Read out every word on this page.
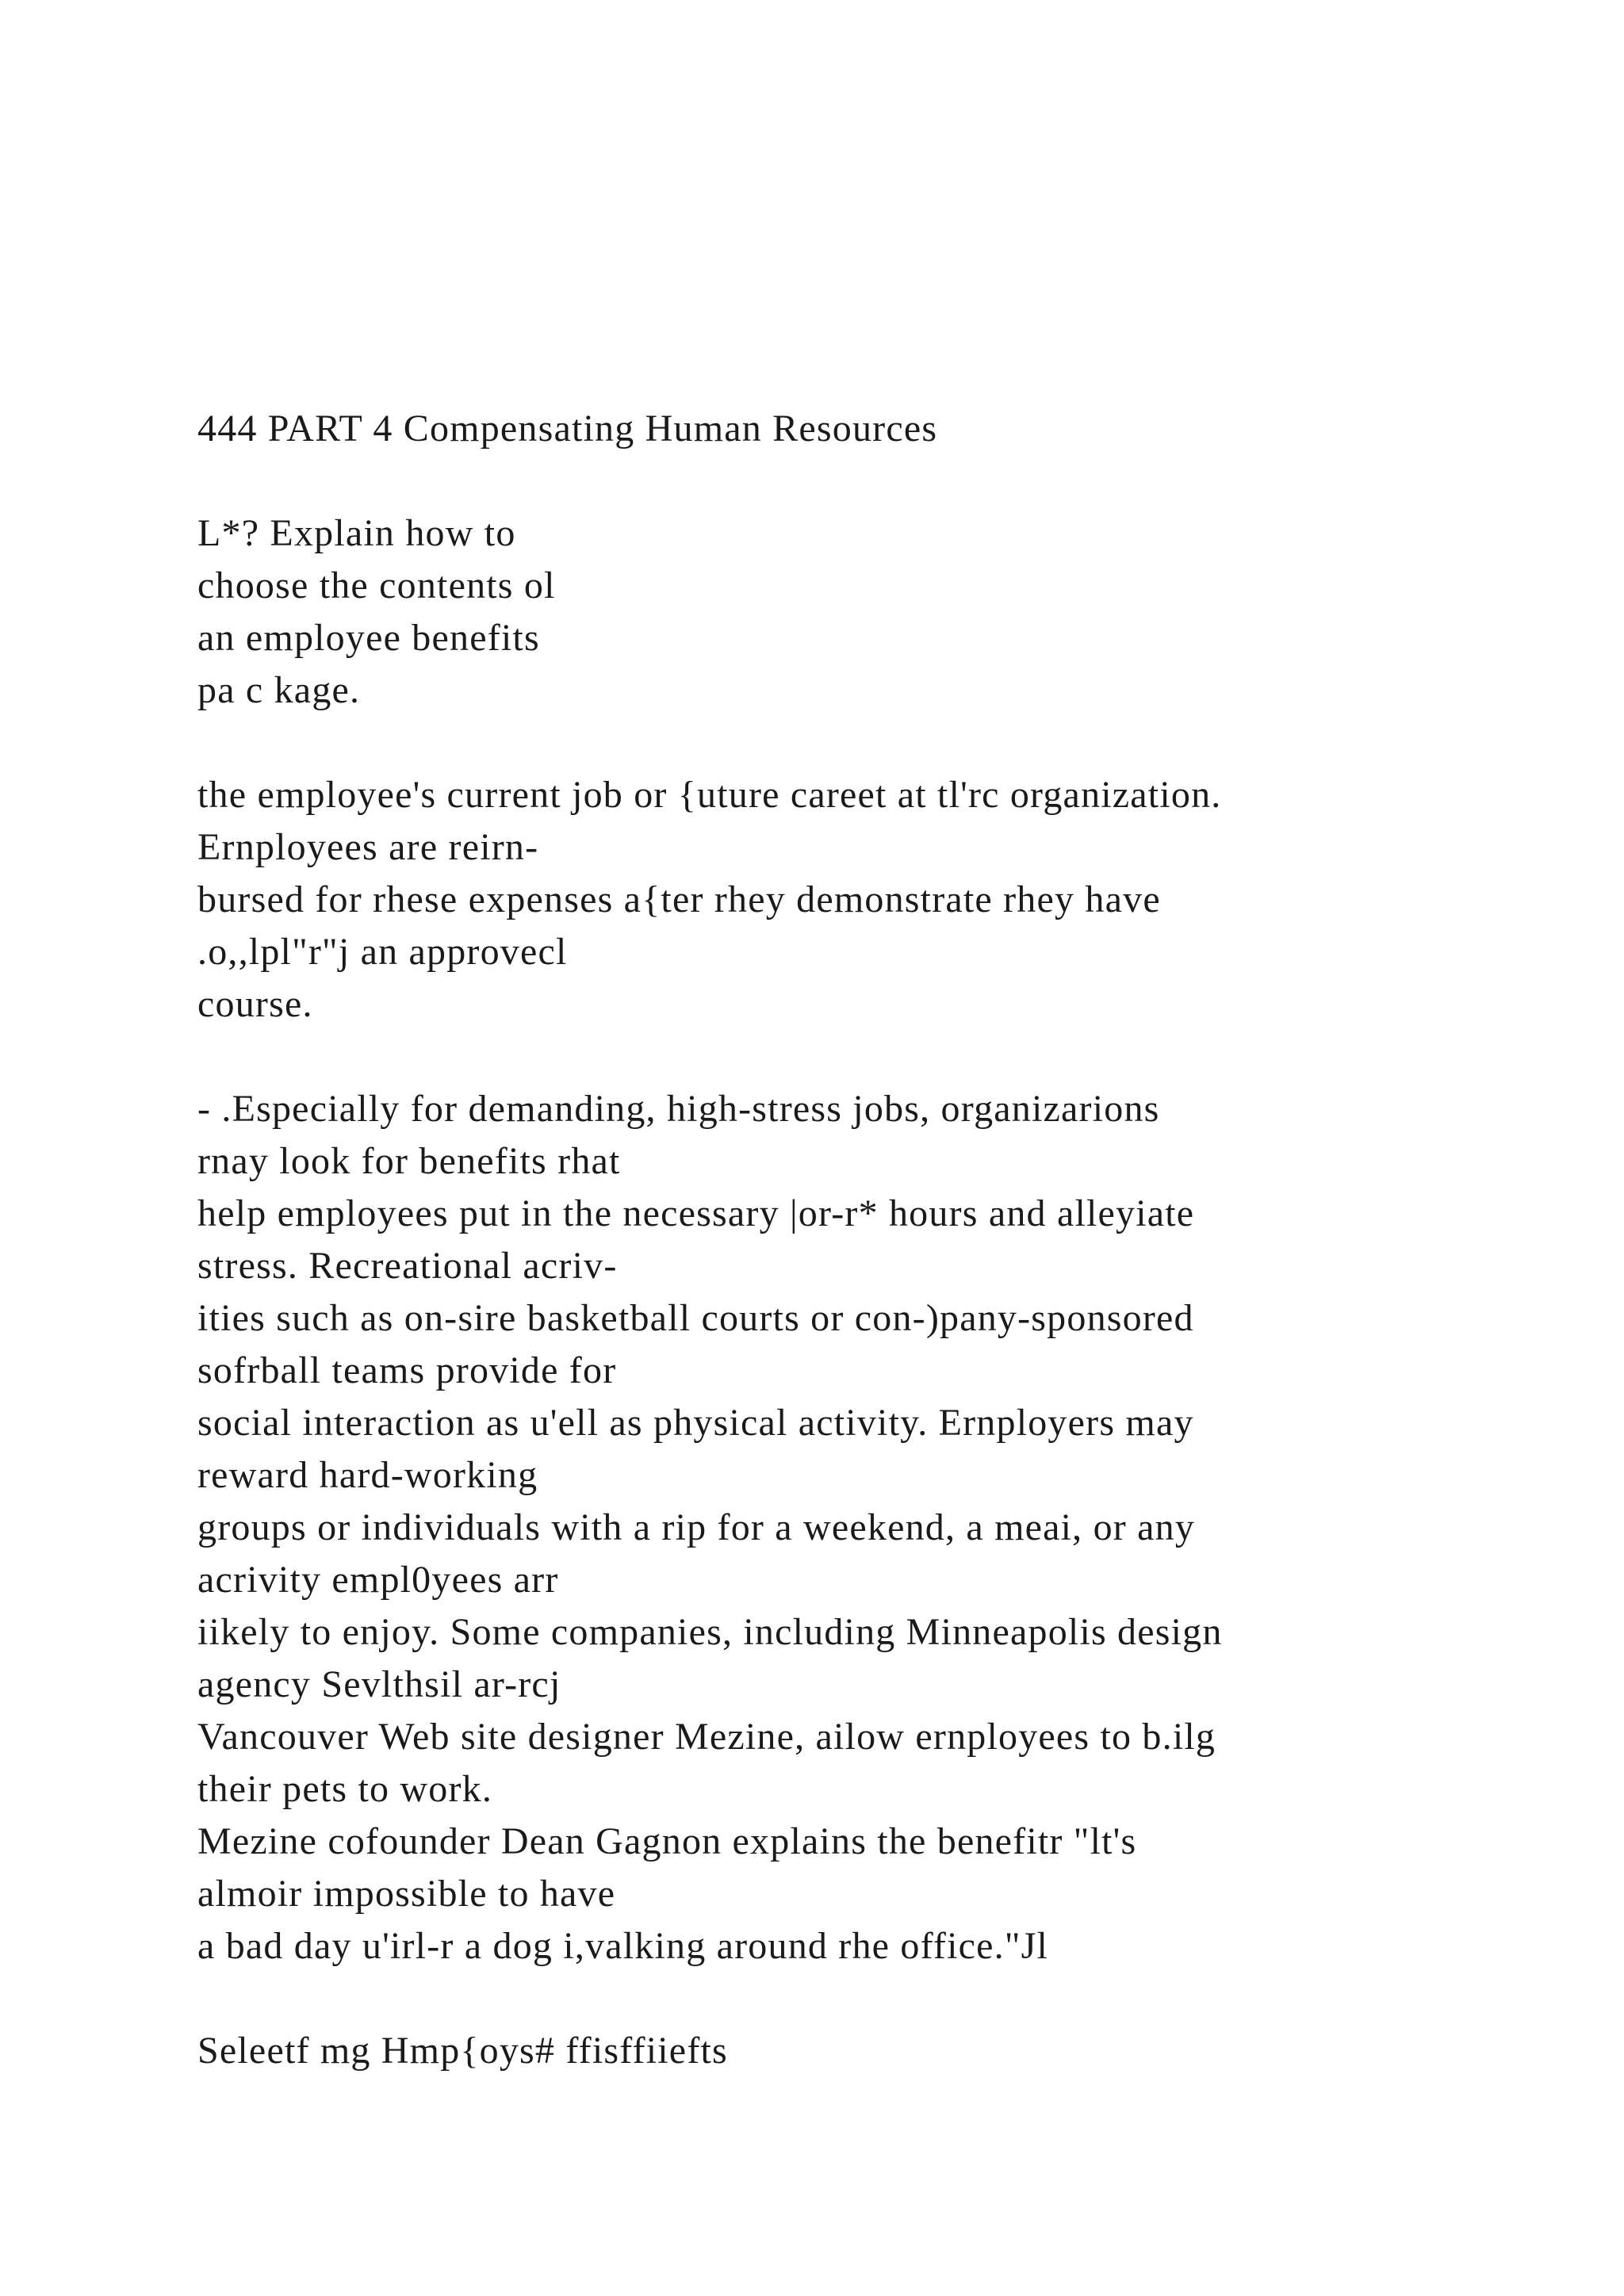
444 PART 4 Compensating Human Resources
L*? Explain how to
choose the contents ol
an employee benefits
pa c kage.
the employee's current job or {uture careet at tl'rc organization.
Ernployees are reirn-
bursed for rhese expenses a{ter rhey demonstrate rhey have
.o,,lpl"r"j an approvecl
course.
- .Especially for demanding, high-stress jobs, organizarions
rnay look for benefits rhat
help employees put in the necessary |or-r* hours and alleyiate
stress. Recreational acriv-
ities such as on-sire basketball courts or con-)pany-sponsored
sofrball teams provide for
social interaction as u'ell as physical activity. Ernployers may
reward hard-working
groups or individuals with a rip for a weekend, a meai, or any
acrivity empl0yees arr
iikely to enjoy. Some companies, including Minneapolis design
agency Sevlthsil ar-rcj
Vancouver Web site designer Mezine, ailow ernployees to b.ilg
their pets to work.
Mezine cofounder Dean Gagnon explains the benefitr "lt's
almoir impossible to have
a bad day u'irl-r a dog i,valking around rhe office."Jl
Seleetf mg Hmp{oys# ffisffiiefts
